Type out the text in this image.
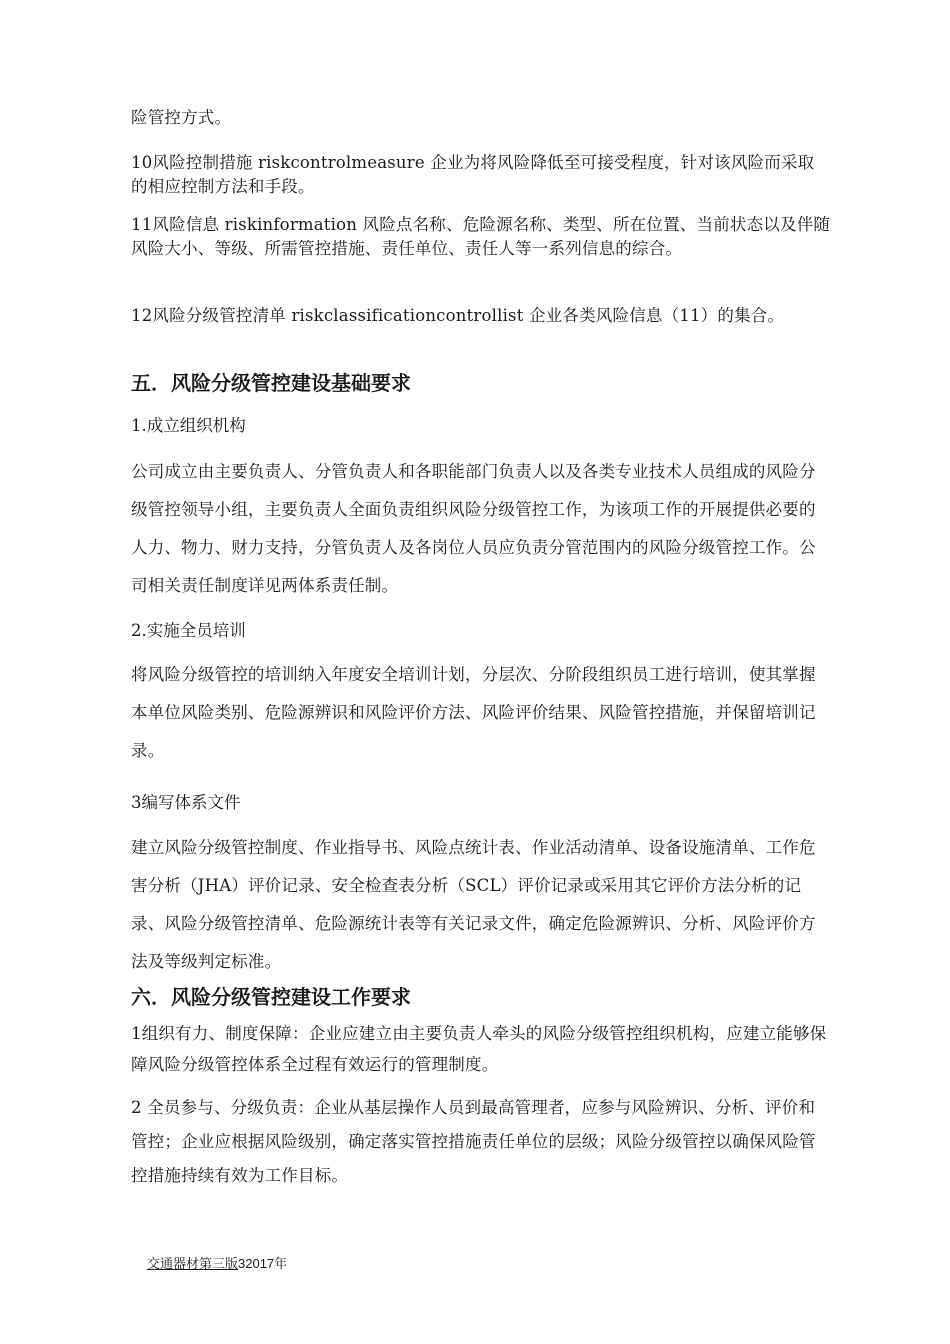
险管控方式。

10风险控制措施 riskcontrolmeasure 企业为将风险降低至可接受程度，针对该风险而采取的相应控制方法和手段。

11风险信息 riskinformation 风险点名称、危险源名称、类型、所在位置、当前状态以及伴随风险大小、等级、所需管控措施、责任单位、责任人等一系列信息的综合。

12风险分级管控清单 riskclassificationcontrollist 企业各类风险信息（11）的集合。

五．风险分级管控建设基础要求

1.成立组织机构

公司成立由主要负责人、分管负责人和各职能部门负责人以及各类专业技术人员组成的风险分级管控领导小组，主要负责人全面负责组织风险分级管控工作，为该项工作的开展提供必要的人力、物力、财力支持，分管负责人及各岗位人员应负责分管范围内的风险分级管控工作。公司相关责任制度详见两体系责任制。

2.实施全员培训

将风险分级管控的培训纳入年度安全培训计划，分层次、分阶段组织员工进行培训，使其掌握本单位风险类别、危险源辨识和风险评价方法、风险评价结果、风险管控措施，并保留培训记录。

3编写体系文件

建立风险分级管控制度、作业指导书、风险点统计表、作业活动清单、设备设施清单、工作危害分析（JHA）评价记录、安全检查表分析（SCL）评价记录或采用其它评价方法分析的记录、风险分级管控清单、危险源统计表等有关记录文件，确定危险源辨识、分析、风险评价方法及等级判定标准。

六．风险分级管控建设工作要求

1组织有力、制度保障：企业应建立由主要负责人牵头的风险分级管控组织机构，应建立能够保障风险分级管控体系全过程有效运行的管理制度。

2 全员参与、分级负责：企业从基层操作人员到最高管理者，应参与风险辨识、分析、评价和管控；企业应根据风险级别，确定落实管控措施责任单位的层级；风险分级管控以确保风险管控措施持续有效为工作目标。

交通器材第三版32017年
